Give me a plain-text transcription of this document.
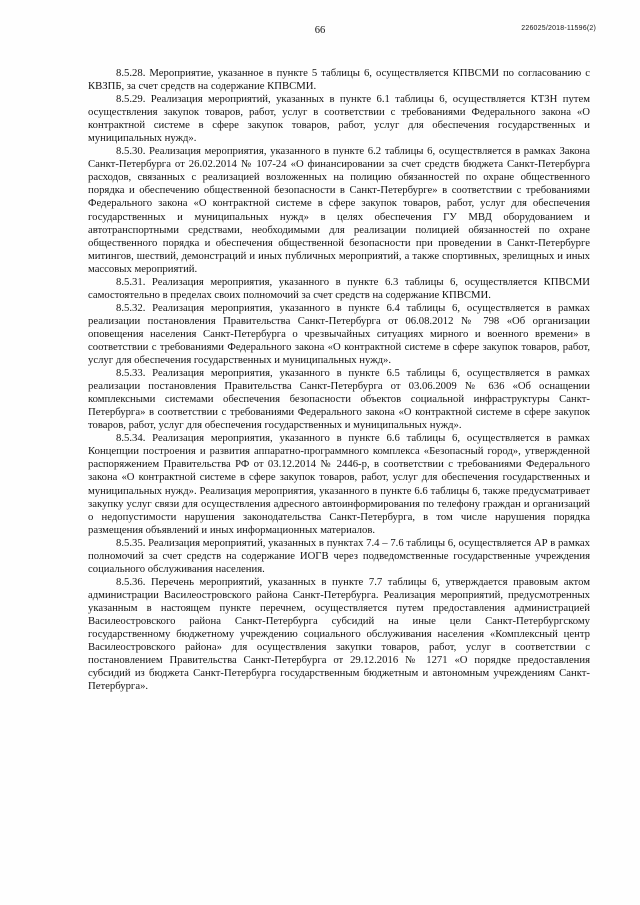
66	226025/2018-11596(2)

8.5.28. Мероприятие, указанное в пункте 5 таблицы 6, осуществляется КПВСМИ по согласованию с КВЗПБ, за счет средств на содержание КПВСМИ.

8.5.29. Реализация мероприятий, указанных в пункте 6.1 таблицы 6, осуществляется КТЗН путем осуществления закупок товаров, работ, услуг в соответствии с требованиями Федерального закона «О контрактной системе в сфере закупок товаров, работ, услуг для обеспечения государственных и муниципальных нужд».

8.5.30. Реализация мероприятия, указанного в пункте 6.2 таблицы 6, осуществляется в рамках Закона Санкт-Петербурга от 26.02.2014 № 107-24 «О финансировании за счет средств бюджета Санкт-Петербурга расходов, связанных с реализацией возложенных на полицию обязанностей по охране общественного порядка и обеспечению общественной безопасности в Санкт-Петербурге» в соответствии с требованиями Федерального закона «О контрактной системе в сфере закупок товаров, работ, услуг для обеспечения государственных и муниципальных нужд» в целях обеспечения ГУ МВД оборудованием и автотранспортными средствами, необходимыми для реализации полицией обязанностей по охране общественного порядка и обеспечения общественной безопасности при проведении в Санкт-Петербурге митингов, шествий, демонстраций и иных публичных мероприятий, а также спортивных, зрелищных и иных массовых мероприятий.

8.5.31. Реализация мероприятия, указанного в пункте 6.3 таблицы 6, осуществляется КПВСМИ самостоятельно в пределах своих полномочий за счет средств на содержание КПВСМИ.

8.5.32. Реализация мероприятия, указанного в пункте 6.4 таблицы 6, осуществляется в рамках реализации постановления Правительства Санкт-Петербурга от 06.08.2012 № 798 «Об организации оповещения населения Санкт-Петербурга о чрезвычайных ситуациях мирного и военного времени» в соответствии с требованиями Федерального закона «О контрактной системе в сфере закупок товаров, работ, услуг для обеспечения государственных и муниципальных нужд».

8.5.33. Реализация мероприятия, указанного в пункте 6.5 таблицы 6, осуществляется в рамках реализации постановления Правительства Санкт-Петербурга от 03.06.2009 № 636 «Об оснащении комплексными системами обеспечения безопасности объектов социальной инфраструктуры Санкт-Петербурга» в соответствии с требованиями Федерального закона «О контрактной системе в сфере закупок товаров, работ, услуг для обеспечения государственных и муниципальных нужд».

8.5.34. Реализация мероприятия, указанного в пункте 6.6 таблицы 6, осуществляется в рамках Концепции построения и развития аппаратно-программного комплекса «Безопасный город», утвержденной распоряжением Правительства РФ от 03.12.2014 № 2446-р, в соответствии с требованиями Федерального закона «О контрактной системе в сфере закупок товаров, работ, услуг для обеспечения государственных и муниципальных нужд». Реализация мероприятия, указанного в пункте 6.6 таблицы 6, также предусматривает закупку услуг связи для осуществления адресного автоинформирования по телефону граждан и организаций о недопустимости нарушения законодательства Санкт-Петербурга, в том числе нарушения порядка размещения объявлений и иных информационных материалов.

8.5.35. Реализация мероприятий, указанных в пунктах 7.4 – 7.6 таблицы 6, осуществляется АР в рамках полномочий за счет средств на содержание ИОГВ через подведомственные государственные учреждения социального обслуживания населения.

8.5.36. Перечень мероприятий, указанных в пункте 7.7 таблицы 6, утверждается правовым актом администрации Василеостровского района Санкт-Петербурга. Реализация мероприятий, предусмотренных указанным в настоящем пункте перечнем, осуществляется путем предоставления администрацией Василеостровского района Санкт-Петербурга субсидий на иные цели Санкт-Петербургскому государственному бюджетному учреждению социального обслуживания населения «Комплексный центр Василеостровского района» для осуществления закупки товаров, работ, услуг в соответствии с постановлением Правительства Санкт-Петербурга от 29.12.2016 № 1271 «О порядке предоставления субсидий из бюджета Санкт-Петербурга государственным бюджетным и автономным учреждениям Санкт-Петербурга».
